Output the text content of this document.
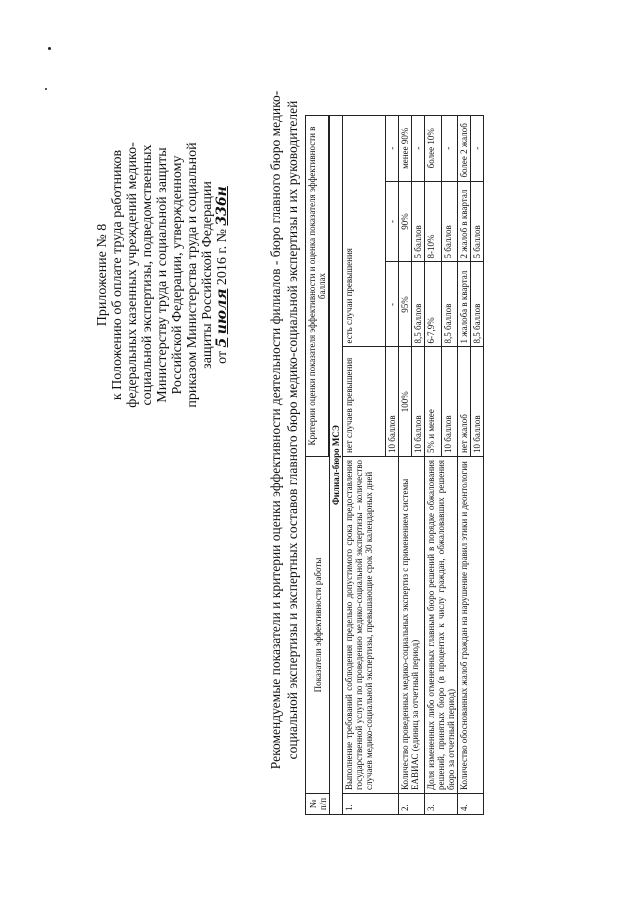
Приложение № 8 к Положению об оплате труда работников федеральных казенных учреждений медико- социальной экспертизы, подведомственных Министерству труда и социальной защиты Российской Федерации, утвержденному приказом Министерства труда и социальной защиты Российской Федерации от 5 июля 2016 г. № 336н	Рекомендуемые показатели и критерии оценки эффективности деятельности филиалов - бюро главного бюро медико- социальной экспертизы и экспертных составов главного бюро медико-социальной экспертизы и их руководителей
№ п/п	Показатели эффективности работы	Критерии оценки показателя эффективности и оценка показателя эффективности в баллах			

Филиал-бюро МСЭ					
1.	Выполнение требований соблюдения предельно допустимого срока предоставления государственной услуги по проведению медико-социальной экспертизы – количество случаев медико-социальной экспертизы, превышающие срок 30 календарных дней	нет случаев превышения	есть случаи превышения		
		10 баллов	-	-	-
2.	Количество проведенных медико-социальных экспертиз с применением системы ЕАВИАС (единиц за отчетный период)	100%	95%	90%	менее 90%
		10 баллов	8,5 баллов	5 баллов	-
3.	Доля измененных либо отмененных главным бюро решений в порядке обжалования решений, принятых бюро (в процентах к числу граждан, обжаловавших решения бюро за отчетный период)	5% и менее	6-7,9%	8-10%	более 10%
		10 баллов	8,5 баллов	5 баллов	-
4.	Количество обоснованных жалоб граждан на нарушение правил этики и деонтологии	нет жалоб	1 жалоба в квартал	2 жалоб в квартал	более 2 жалоб
		10 баллов	8,5 баллов	5 баллов	-
